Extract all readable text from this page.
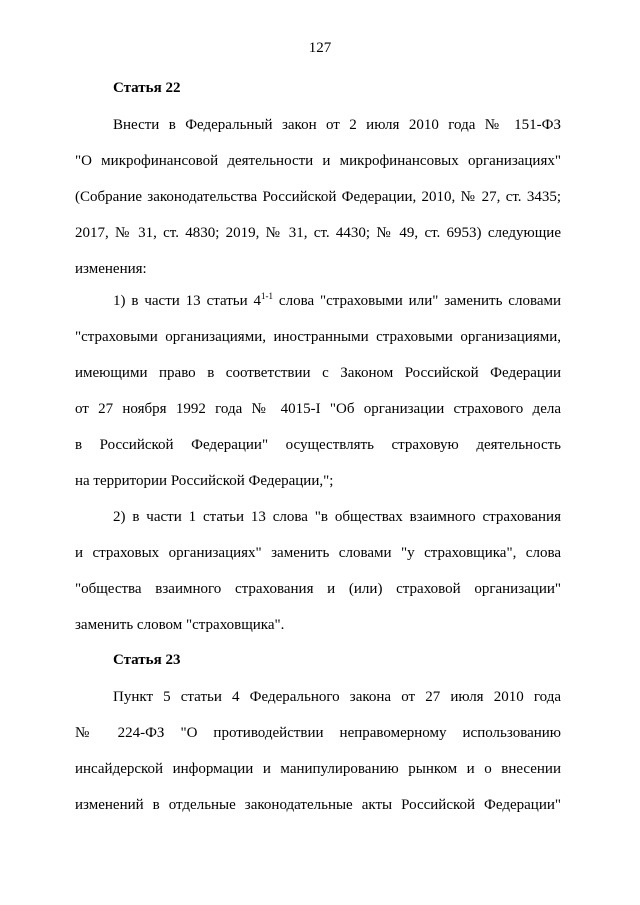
127
Статья 22
Внести в Федеральный закон от 2 июля 2010 года № 151-ФЗ
"О микрофинансовой деятельности и микрофинансовых организациях"
(Собрание законодательства Российской Федерации, 2010, № 27, ст. 3435;
2017, № 31, ст. 4830; 2019, № 31, ст. 4430; № 49, ст. 6953) следующие
изменения:
1) в части 13 статьи 4$^{1-1}$ слова "страховыми или" заменить словами
"страховыми организациями, иностранными страховыми организациями,
имеющими право в соответствии с Законом Российской Федерации
от 27 ноября 1992 года № 4015-I "Об организации страхового дела
в Российской Федерации" осуществлять страховую деятельность
на территории Российской Федерации,";
2) в части 1 статьи 13 слова "в обществах взаимного страхования
и страховых организациях" заменить словами "у страховщика", слова
"общества взаимного страхования и (или) страховой организации"
заменить словом "страховщика".
Статья 23
Пункт 5 статьи 4 Федерального закона от 27 июля 2010 года
№ 224-ФЗ "О противодействии неправомерному использованию
инсайдерской информации и манипулированию рынком и о внесении
изменений в отдельные законодательные акты Российской Федерации"
